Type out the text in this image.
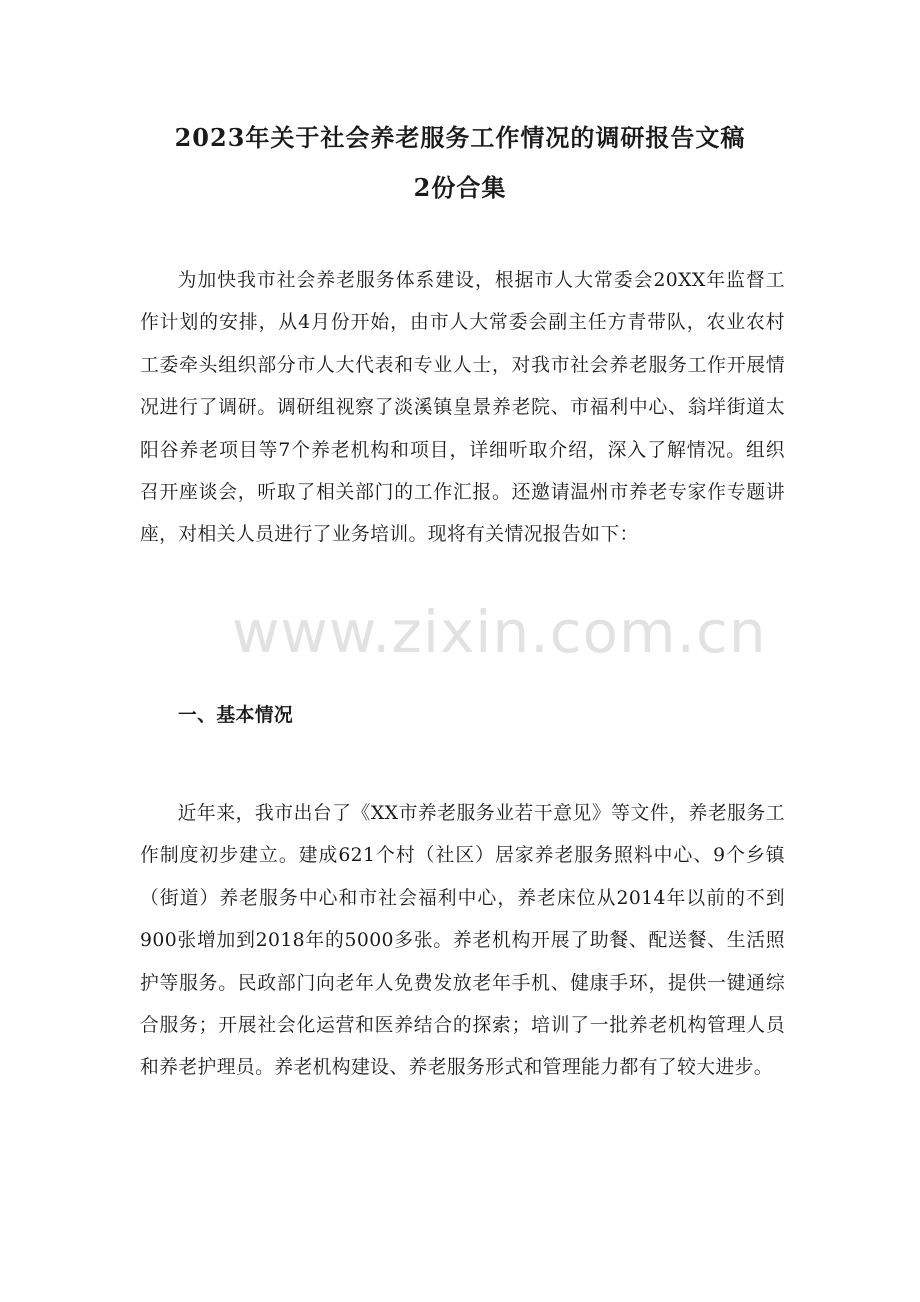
2023年关于社会养老服务工作情况的调研报告文稿
2份合集

为加快我市社会养老服务体系建设，根据市人大常委会20XX年监督工作计划的安排，从4月份开始，由市人大常委会副主任方青带队，农业农村工委牵头组织部分市人大代表和专业人士，对我市社会养老服务工作开展情况进行了调研。调研组视察了淡溪镇皇景养老院、市福利中心、翁垟街道太阳谷养老项目等7个养老机构和项目，详细听取介绍，深入了解情况。组织召开座谈会，听取了相关部门的工作汇报。还邀请温州市养老专家作专题讲座，对相关人员进行了业务培训。现将有关情况报告如下：

www.zixin.com.cn

一、基本情况

近年来，我市出台了《XX市养老服务业若干意见》等文件，养老服务工作制度初步建立。建成621个村（社区）居家养老服务照料中心、9个乡镇（街道）养老服务中心和市社会福利中心，养老床位从2014年以前的不到900张增加到2018年的5000多张。养老机构开展了助餐、配送餐、生活照护等服务。民政部门向老年人免费发放老年手机、健康手环，提供一键通综合服务；开展社会化运营和医养结合的探索；培训了一批养老机构管理人员和养老护理员。养老机构建设、养老服务形式和管理能力都有了较大进步。
